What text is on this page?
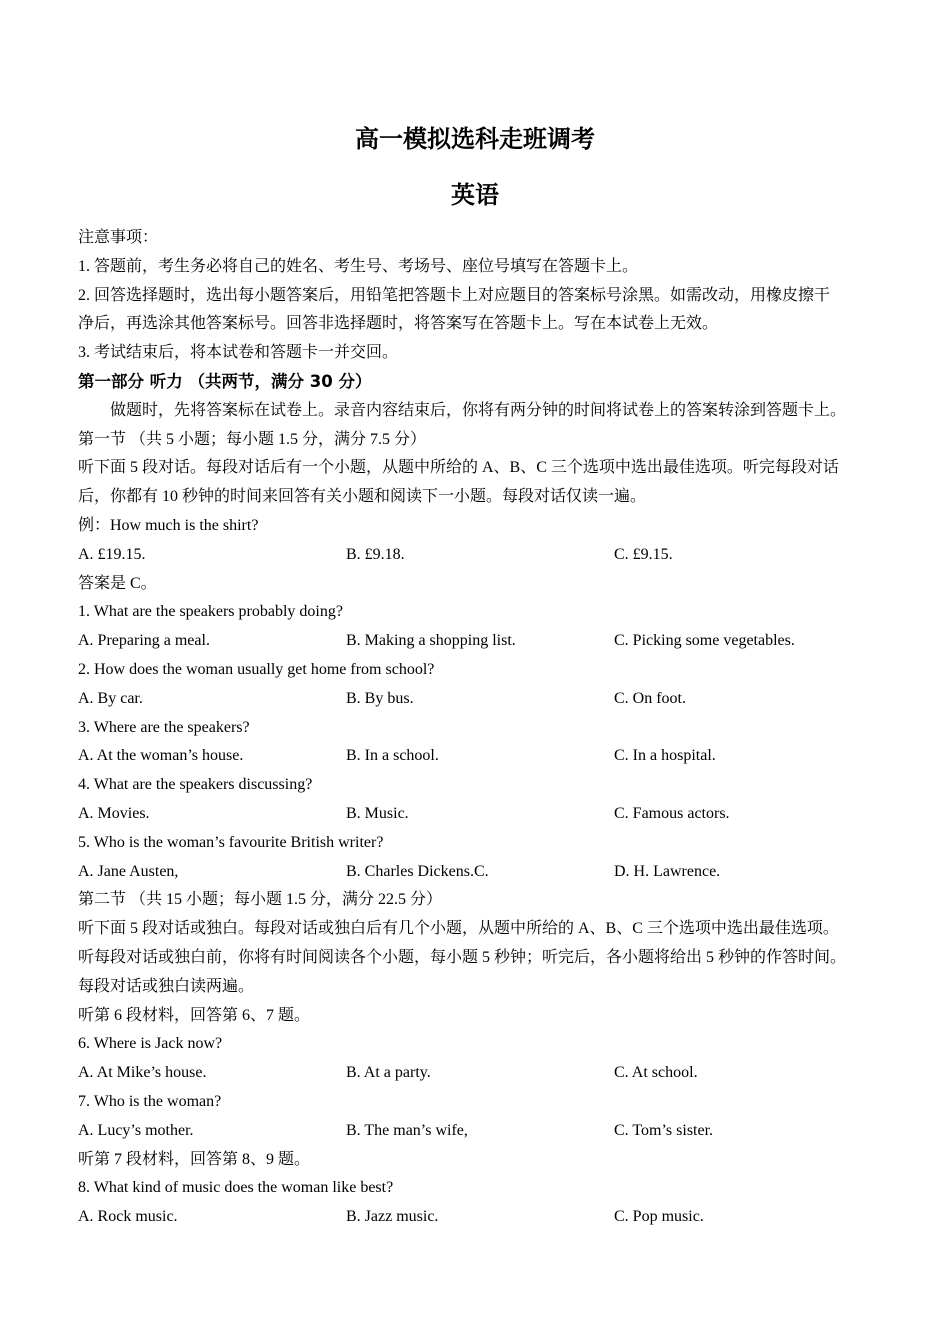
高一模拟选科走班调考
英语
注意事项：
1. 答题前，考生务必将自己的姓名、考生号、考场号、座位号填写在答题卡上。
2. 回答选择题时，选出每小题答案后，用铅笔把答题卡上对应题目的答案标号涂黑。如需改动，用橡皮擦干
净后，再选涂其他答案标号。回答非选择题时，将答案写在答题卡上。写在本试卷上无效。
3. 考试结束后，将本试卷和答题卡一并交回。
第一部分 听力 （共两节，满分 30 分）
做题时，先将答案标在试卷上。录音内容结束后，你将有两分钟的时间将试卷上的答案转涂到答题卡上。
第一节 （共 5 小题；每小题 1.5 分，满分 7.5 分）
听下面 5 段对话。每段对话后有一个小题，从题中所给的 A、B、C 三个选项中选出最佳选项。听完每段对话
后，你都有 10 秒钟的时间来回答有关小题和阅读下一小题。每段对话仅读一遍。
例：How much is the shirt?
A. £19.15.	B. £9.18.	C. £9.15.
答案是 C。
1. What are the speakers probably doing?
A. Preparing a meal.	B. Making a shopping list.	C. Picking some vegetables.
2. How does the woman usually get home from school?
A. By car.	B. By bus.	C. On foot.
3. Where are the speakers?
A. At the woman’s house.	B. In a school.	C. In a hospital.
4. What are the speakers discussing?
A. Movies.	B. Music.	C. Famous actors.
5. Who is the woman’s favourite British writer?
A. Jane Austen,	B. Charles Dickens.C.	D. H. Lawrence.
第二节 （共 15 小题；每小题 1.5 分，满分 22.5 分）
听下面 5 段对话或独白。每段对话或独白后有几个小题，从题中所给的 A、B、C 三个选项中选出最佳选项。
听每段对话或独白前，你将有时间阅读各个小题，每小题 5 秒钟；听完后，各小题将给出 5 秒钟的作答时间。
每段对话或独白读两遍。
听第 6 段材料，回答第 6、7 题。
6. Where is Jack now?
A. At Mike’s house.	B. At a party.	C. At school.
7. Who is the woman?
A. Lucy’s mother.	B. The man’s wife,	C. Tom’s sister.
听第 7 段材料，回答第 8、9 题。
8. What kind of music does the woman like best?
A. Rock music.	B. Jazz music.	C. Pop music.
